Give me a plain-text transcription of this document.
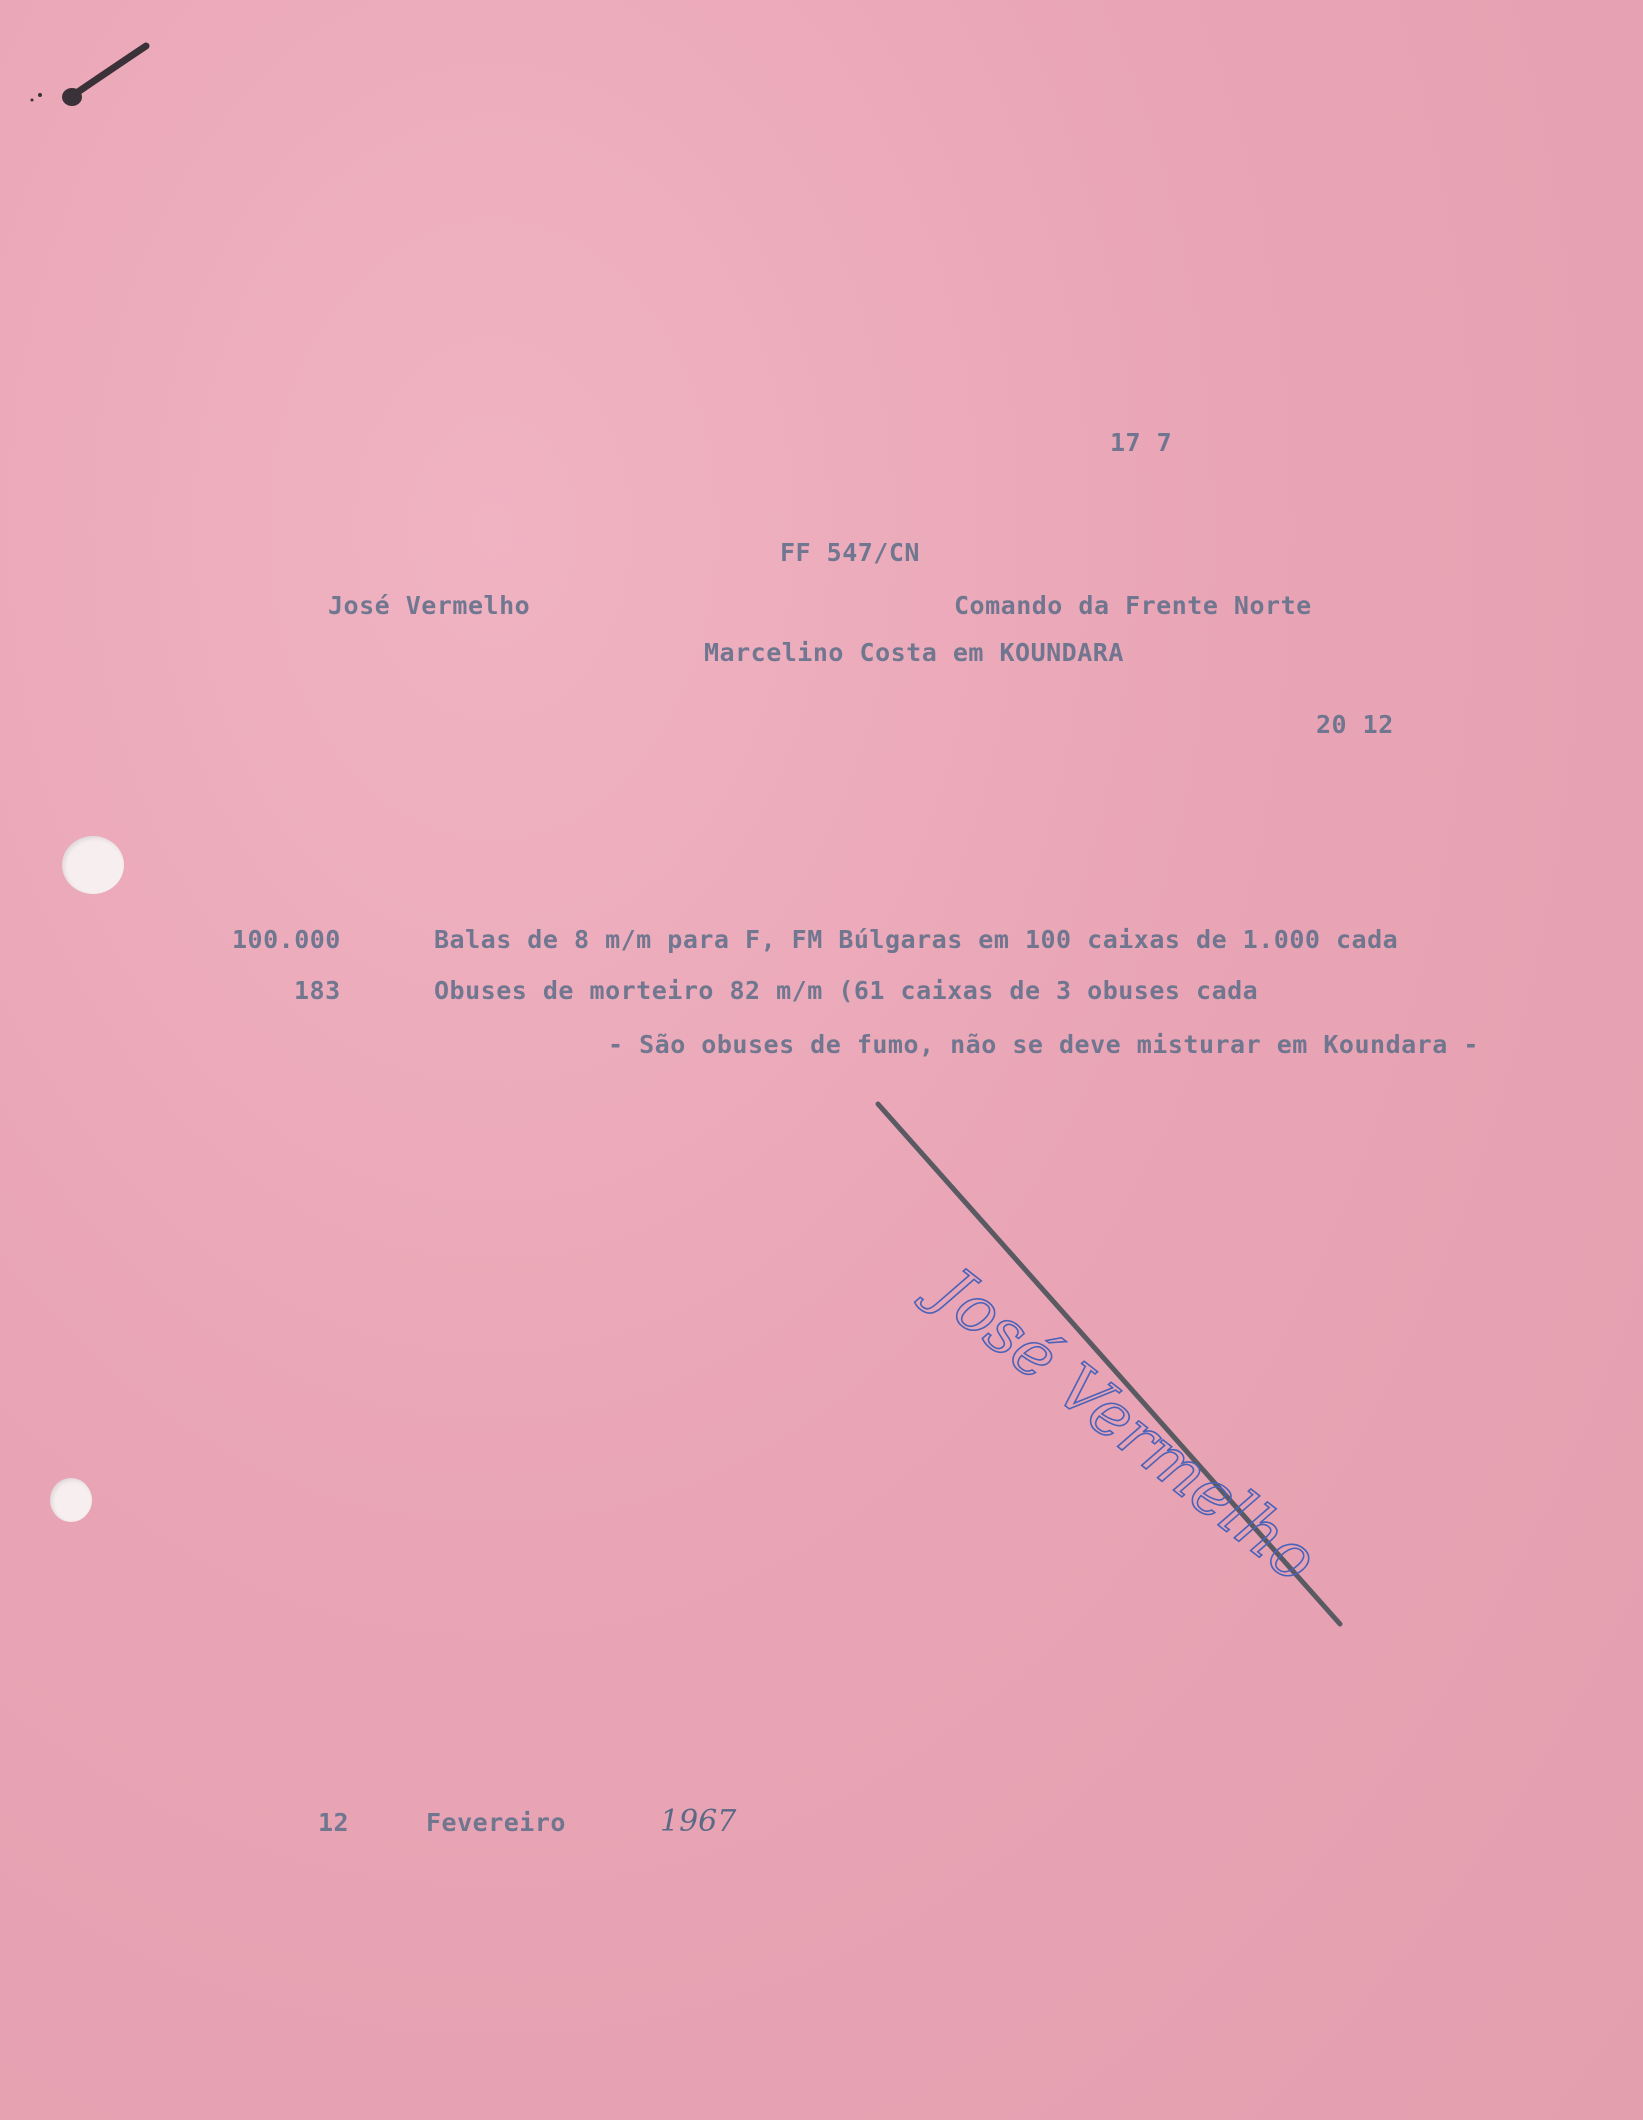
17 7
FF 547/CN
José Vermelho	Comando da Frente Norte
Marcelino Costa em KOUNDARA
20 12
100.000	Balas de 8 m/m para F, FM Búlgaras em 100 caixas de 1.000 cada
183	Obuses de morteiro 82 m/m (61 caixas de 3 obuses cada
- São obuses de fumo, não se deve misturar em Koundara -
José Vermelho
12	Fevereiro	1967
